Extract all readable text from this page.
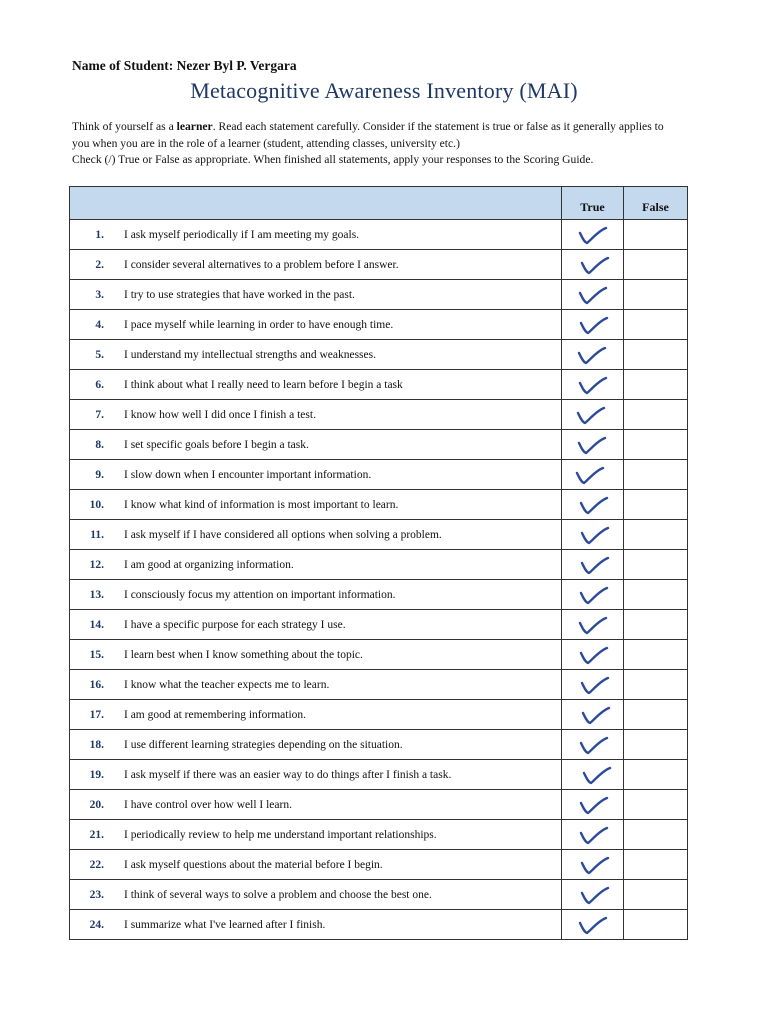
Name of Student: Nezer Byl P. Vergara
Metacognitive Awareness Inventory (MAI)
Think of yourself as a learner. Read each statement carefully. Consider if the statement is true or false as it generally applies to you when you are in the role of a learner (student, attending classes, university etc.)
Check (/) True or False as appropriate. When finished all statements, apply your responses to the Scoring Guide.
	True	False
1. I ask myself periodically if I am meeting my goals.	

2. I consider several alternatives to a problem before I answer.	

3. I try to use strategies that have worked in the past.	

4. I pace myself while learning in order to have enough time.	

5. I understand my intellectual strengths and weaknesses.	

6. I think about what I really need to learn before I begin a task	

7. I know how well I did once I finish a test.	

8. I set specific goals before I begin a task.	

9. I slow down when I encounter important information.	

10. I know what kind of information is most important to learn.	

11. I ask myself if I have considered all options when solving a problem.	

12. I am good at organizing information.	

13. I consciously focus my attention on important information.	

14. I have a specific purpose for each strategy I use.	

15. I learn best when I know something about the topic.	

16. I know what the teacher expects me to learn.	

17. I am good at remembering information.	

18. I use different learning strategies depending on the situation.	

19. I ask myself if there was an easier way to do things after I finish a task.	

20. I have control over how well I learn.	

21. I periodically review to help me understand important relationships.	

22. I ask myself questions about the material before I begin.	

23. I think of several ways to solve a problem and choose the best one.	

24. I summarize what I've learned after I finish.	
